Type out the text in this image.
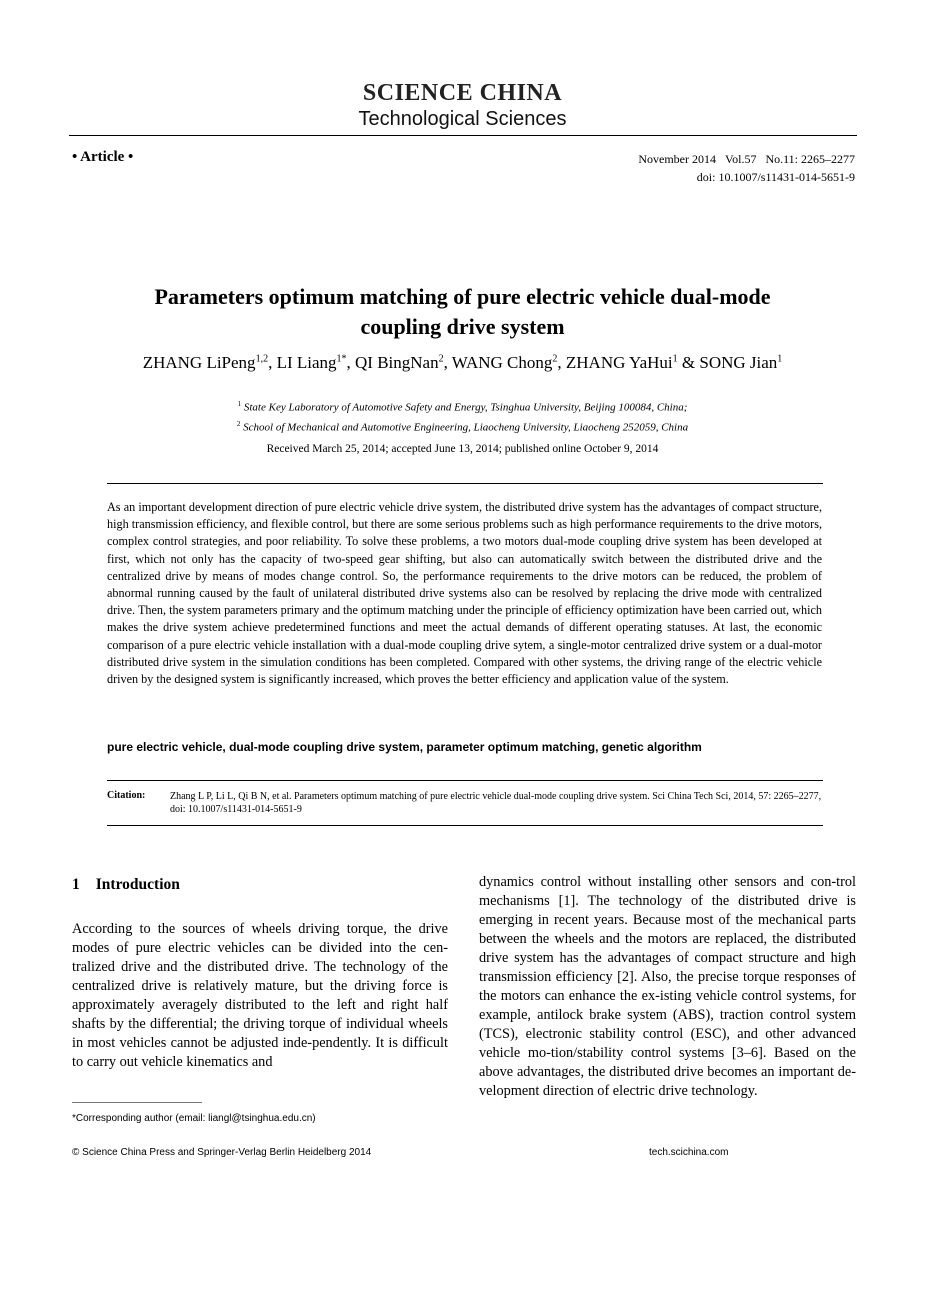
SCIENCE CHINA
Technological Sciences
• Article •	November 2014 Vol.57 No.11: 2265–2277
doi: 10.1007/s11431-014-5651-9
Parameters optimum matching of pure electric vehicle dual-mode
coupling drive system
ZHANG LiPeng$^{1,2}$, LI Liang$^{1*}$, QI BingNan$^2$, WANG Chong$^2$, ZHANG YaHui$^1$ & SONG Jian$^1$
$^1$ State Key Laboratory of Automotive Safety and Energy, Tsinghua University, Beijing 100084, China;
$^2$ School of Mechanical and Automotive Engineering, Liaocheng University, Liaocheng 252059, China
Received March 25, 2014; accepted June 13, 2014; published online October 9, 2014
As an important development direction of pure electric vehicle drive system, the distributed drive system has the advantages of compact structure, high transmission efficiency, and flexible control, but there are some serious problems such as high performance requirements to the drive motors, complex control strategies, and poor reliability. To solve these problems, a two motors dual-mode coupling drive system has been developed at first, which not only has the capacity of two-speed gear shifting, but also can automatically switch between the distributed drive and the centralized drive by means of modes change control. So, the performance requirements to the drive motors can be reduced, the problem of abnormal running caused by the fault of unilateral distributed drive systems also can be resolved by replacing the drive mode with centralized drive. Then, the system parameters primary and the optimum matching under the principle of efficiency optimization have been carried out, which makes the drive system achieve predetermined functions and meet the actual demands of different operating statuses. At last, the economic comparison of a pure electric vehicle installation with a dual-mode coupling drive sytem, a single-motor centralized drive system or a dual-motor distributed drive system in the simulation conditions has been completed. Compared with other systems, the driving range of the electric vehicle driven by the designed system is significantly increased, which proves the better efficiency and application value of the system.
pure electric vehicle, dual-mode coupling drive system, parameter optimum matching, genetic algorithm
Citation: Zhang L P, Li L, Qi B N, et al. Parameters optimum matching of pure electric vehicle dual-mode coupling drive system. Sci China Tech Sci, 2014, 57: 2265–2277, doi: 10.1007/s11431-014-5651-9
1 Introduction
According to the sources of wheels driving torque, the drive modes of pure electric vehicles can be divided into the cen-tralized drive and the distributed drive. The technology of the centralized drive is relatively mature, but the driving force is approximately averagely distributed to the left and right half shafts by the differential; the driving torque of individual wheels in most vehicles cannot be adjusted inde-pendently. It is difficult to carry out vehicle kinematics and
dynamics control without installing other sensors and con-trol mechanisms [1]. The technology of the distributed drive is emerging in recent years. Because most of the mechanical parts between the wheels and the motors are replaced, the distributed drive system has the advantages of compact structure and high transmission efficiency [2]. Also, the precise torque responses of the motors can enhance the ex-isting vehicle control systems, for example, antilock brake system (ABS), traction control system (TCS), electronic stability control (ESC), and other advanced vehicle mo-tion/stability control systems [3–6]. Based on the above advantages, the distributed drive becomes an important de-velopment direction of electric drive technology.
*Corresponding author (email: liangl@tsinghua.edu.cn)
© Science China Press and Springer-Verlag Berlin Heidelberg 2014	tech.scichina.com
